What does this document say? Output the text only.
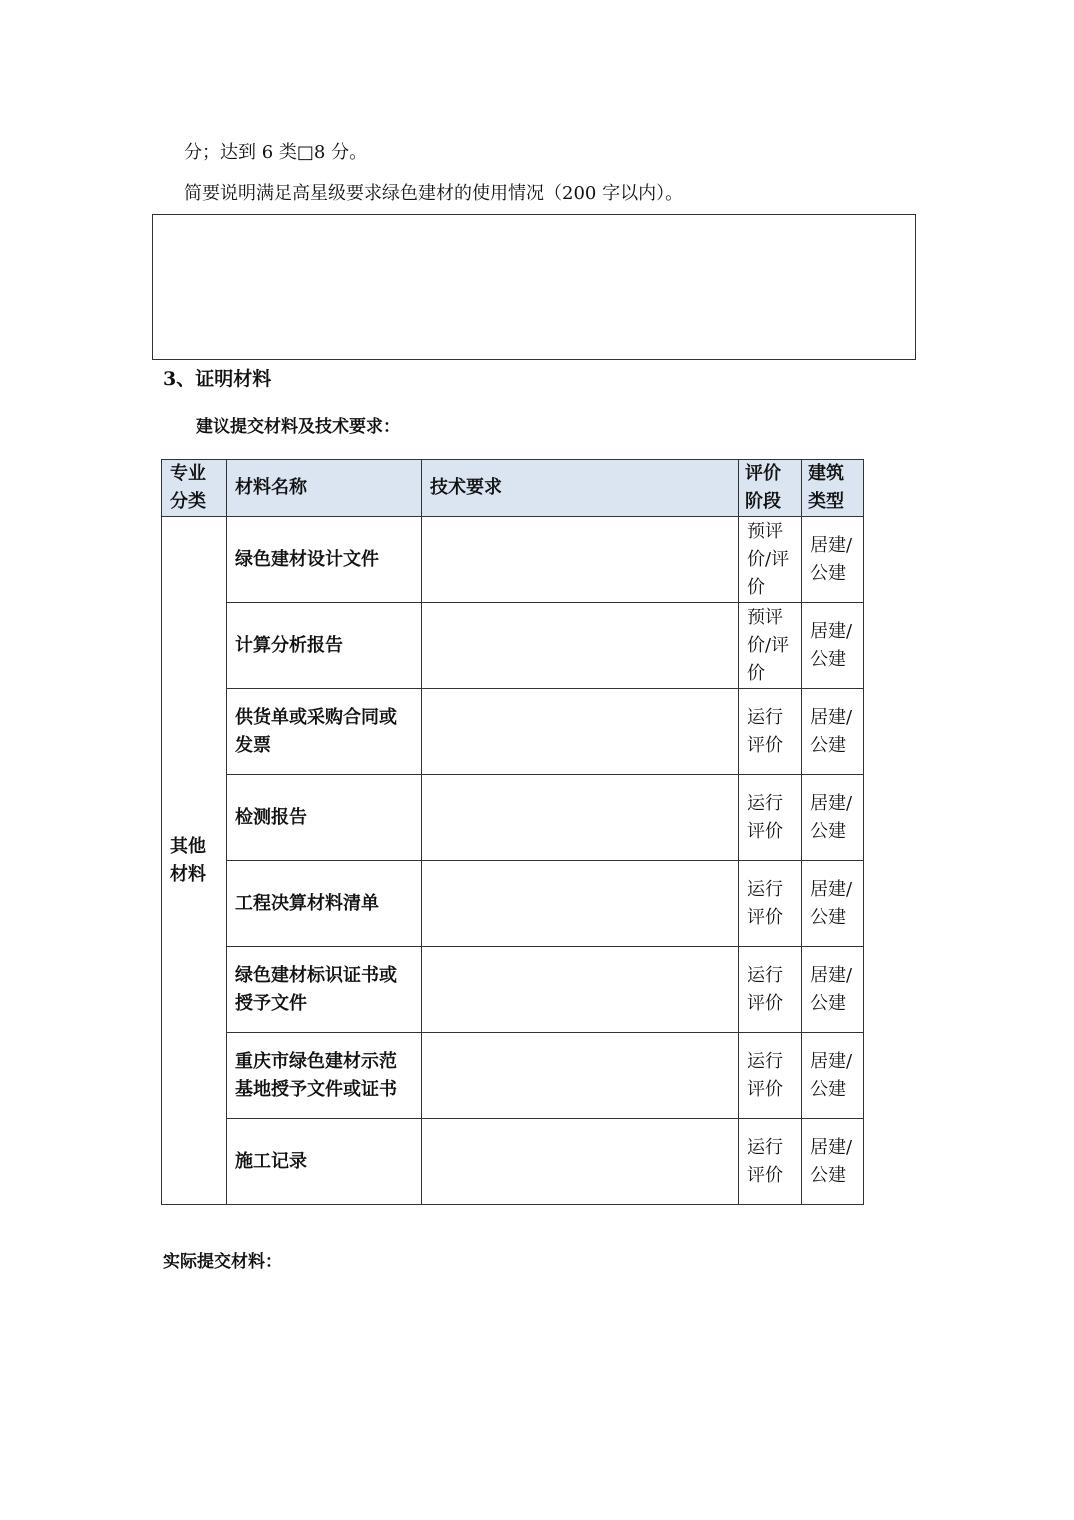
分；达到 6 类□8 分。
简要说明满足高星级要求绿色建材的使用情况（200 字以内）。
3、证明材料
建议提交材料及技术要求：
专业分类	材料名称	技术要求	评价阶段	建筑类型

其他材料	绿色建材设计文件		预评价/评价	居建/公建

	计算分析报告		预评价/评价	居建/公建

	供货单或采购合同或发票		运行评价	居建/公建

	检测报告		运行评价	居建/公建

	工程决算材料清单		运行评价	居建/公建

	绿色建材标识证书或授予文件		运行评价	居建/公建

	重庆市绿色建材示范基地授予文件或证书		运行评价	居建/公建

	施工记录		运行评价	居建/公建
实际提交材料：
